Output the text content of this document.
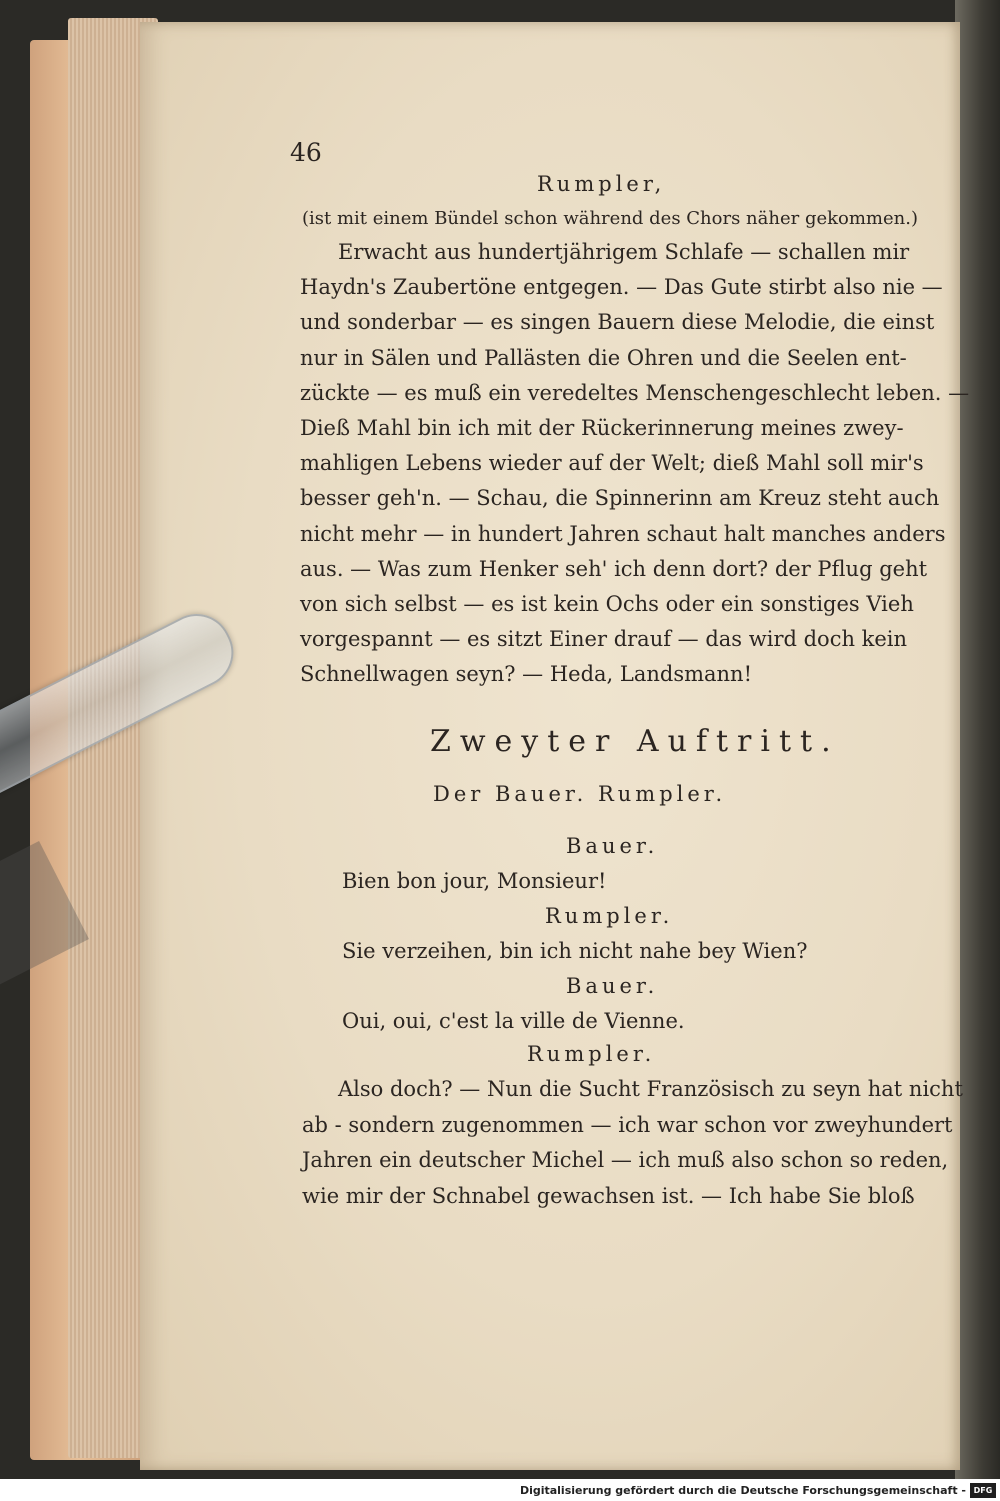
46
Rumpler,
(ist mit einem Bündel schon während des Chors näher gekommen.)
Erwacht aus hundertjährigem Schlafe — schallen mir
Haydn's Zaubertöne entgegen. — Das Gute stirbt also nie —
und sonderbar — es singen Bauern diese Melodie, die einst
nur in Sälen und Pallästen die Ohren und die Seelen ent-
zückte — es muß ein veredeltes Menschengeschlecht leben. —
Dieß Mahl bin ich mit der Rückerinnerung meines zwey-
mahligen Lebens wieder auf der Welt; dieß Mahl soll mir's
besser geh'n. — Schau, die Spinnerinn am Kreuz steht auch
nicht mehr — in hundert Jahren schaut halt manches anders
aus. — Was zum Henker seh' ich denn dort? der Pflug geht
von sich selbst — es ist kein Ochs oder ein sonstiges Vieh
vorgespannt — es sitzt Einer drauf — das wird doch kein
Schnellwagen seyn? — Heda, Landsmann!
Zweyter Auftritt.
Der Bauer. Rumpler.
Bauer.
Bien bon jour, Monsieur!
Rumpler.
Sie verzeihen, bin ich nicht nahe bey Wien?
Bauer.
Oui, oui, c'est la ville de Vienne.
Rumpler.
Also doch? — Nun die Sucht Französisch zu seyn hat nicht
ab - sondern zugenommen — ich war schon vor zweyhundert
Jahren ein deutscher Michel — ich muß also schon so reden,
wie mir der Schnabel gewachsen ist. — Ich habe Sie bloß
Digitalisierung gefördert durch die Deutsche Forschungsgemeinschaft - DFG
